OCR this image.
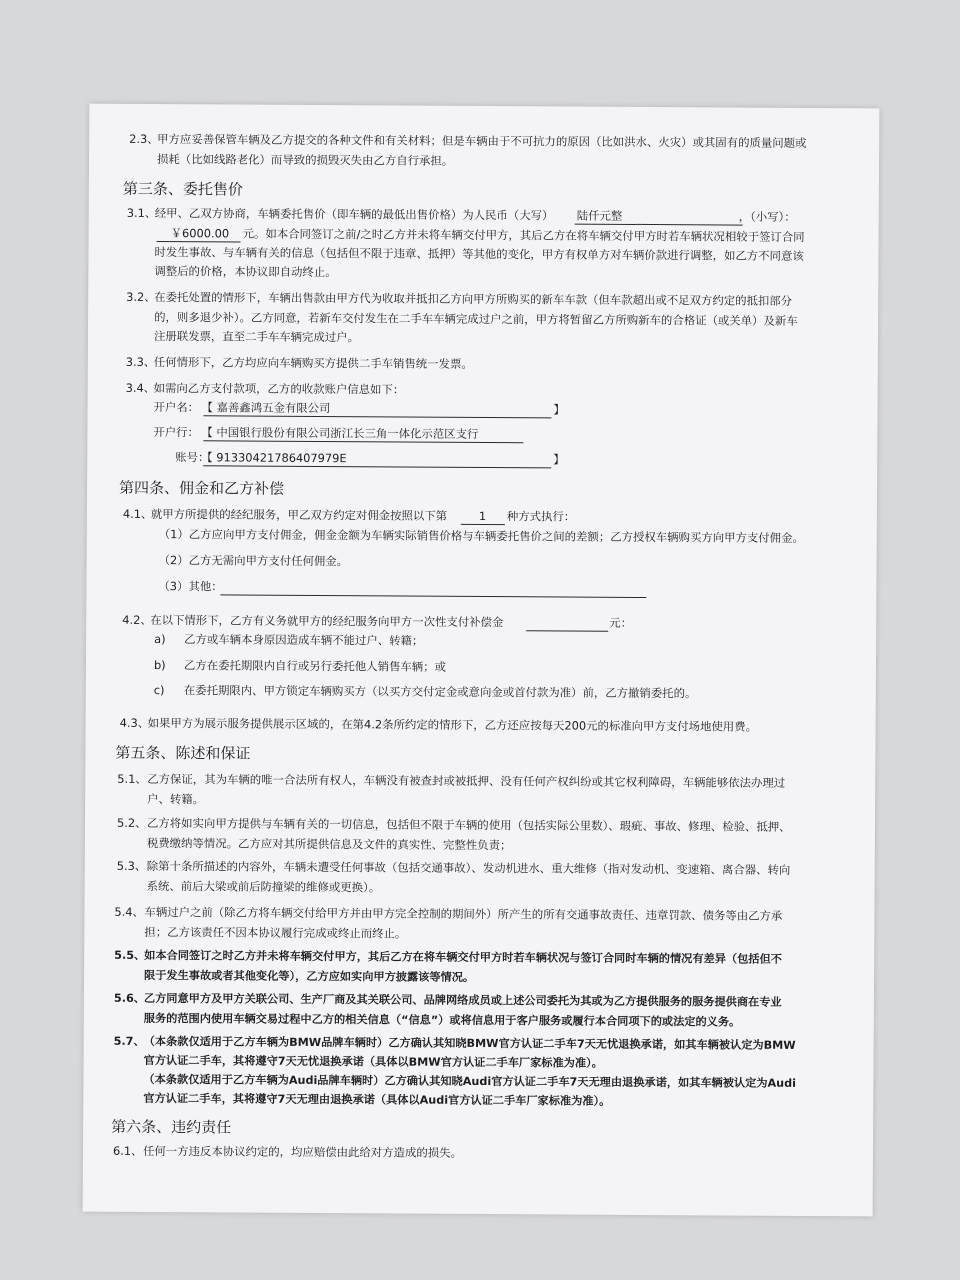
2.3、
甲方应妥善保管车辆及乙方提交的各种文件和有关材料；但是车辆由于不可抗力的原因（比如洪水、火灾）或其固有的质量问题或
损耗（比如线路老化）而导致的损毁灭失由乙方自行承担。
第三条、委托售价
3.1、
经甲、乙双方协商，车辆委托售价（即车辆的最低出售价格）为人民币（大写） 陆仟元整	，（小写）：
￥6000.00 元。如本合同签订之前/之时乙方并未将车辆交付甲方，其后乙方在将车辆交付甲方时若车辆状况相较于签订合同
时发生事故、与车辆有关的信息（包括但不限于违章、抵押）等其他的变化，甲方有权单方对车辆价款进行调整，如乙方不同意该
调整后的价格，本协议即自动终止。
3.2、
在委托处置的情形下，车辆出售款由甲方代为收取并抵扣乙方向甲方所购买的新车车款（但车款超出或不足双方约定的抵扣部分
的，则多退少补）。乙方同意，若新车交付发生在二手车车辆完成过户之前，甲方将暂留乙方所购新车的合格证（或关单）及新车
注册联发票，直至二手车车辆完成过户。
3.3、
任何情形下，乙方均应向车辆购买方提供二手车销售统一发票。
3.4、
如需向乙方支付款项，乙方的收款账户信息如下：
开户名： 【 嘉善鑫鸿五金有限公司	】
开户行： 【 中国银行股份有限公司浙江长三角一体化示范区支行
账号：
【 91330421786407979E	】
第四条、佣金和乙方补偿
4.1、
就甲方所提供的经纪服务，甲乙双方约定对佣金按照以下第	1 种方式执行：
（1）乙方应向甲方支付佣金，佣金金额为车辆实际销售价格与车辆委托售价之间的差额；乙方授权车辆购买方向甲方支付佣金。
（2）乙方无需向甲方支付任何佣金。
（3）其他：
4.2、
在以下情形下，乙方有义务就甲方的经纪服务向甲方一次性支付补偿金	元：
a) 乙方或车辆本身原因造成车辆不能过户、转籍；
b) 乙方在委托期限内自行或另行委托他人销售车辆；或
c) 在委托期限内、甲方锁定车辆购买方（以买方交付定金或意向金或首付款为准）前，乙方撤销委托的。
4.3、
如果甲方为展示服务提供展示区域的，在第4.2条所约定的情形下，乙方还应按每天200元的标准向甲方支付场地使用费。
第五条、陈述和保证
5.1、 乙方保证，其为车辆的唯一合法所有权人，车辆没有被查封或被抵押、没有任何产权纠纷或其它权利障碍，车辆能够依法办理过
户、转籍。
5.2、 乙方将如实向甲方提供与车辆有关的一切信息，包括但不限于车辆的使用（包括实际公里数）、瑕疵、事故、修理、检验、抵押、
税费缴纳等情况。乙方应对其所提供信息及文件的真实性、完整性负责；
5.3、 除第十条所描述的内容外，车辆未遭受任何事故（包括交通事故）、发动机进水、重大维修（指对发动机、变速箱、离合器、转向
系统、前后大梁或前后防撞梁的维修或更换）。
5.4、 车辆过户之前（除乙方将车辆交付给甲方并由甲方完全控制的期间外）所产生的所有交通事故责任、违章罚款、债务等由乙方承
担；乙方该责任不因本协议履行完成或终止而终止。
5.5、
如本合同签订之时乙方并未将车辆交付甲方，其后乙方在将车辆交付甲方时若车辆状况与签订合同时车辆的情况有差异（包括但不
限于发生事故或者其他变化等），乙方应如实向甲方披露该等情况。
5.6、
乙方同意甲方及甲方关联公司、生产厂商及其关联公司、品牌网络成员或上述公司委托为其或为乙方提供服务的服务提供商在专业
服务的范围内使用车辆交易过程中乙方的相关信息（“信息”）或将信息用于客户服务或履行本合同项下的或法定的义务。
5.7、
（本条款仅适用于乙方车辆为BMW品牌车辆时）乙方确认其知晓BMW官方认证二手车7天无忧退换承诺，如其车辆被认定为BMW
官方认证二手车，其将遵守7天无忧退换承诺（具体以BMW官方认证二手车厂家标准为准）。
（本条款仅适用于乙方车辆为Audi品牌车辆时）乙方确认其知晓Audi官方认证二手车7天无理由退换承诺，如其车辆被认定为Audi
官方认证二手车，其将遵守7天无理由退换承诺（具体以Audi官方认证二手车厂家标准为准）。
第六条、违约责任
6.1、 任何一方违反本协议约定的，均应赔偿由此给对方造成的损失。
